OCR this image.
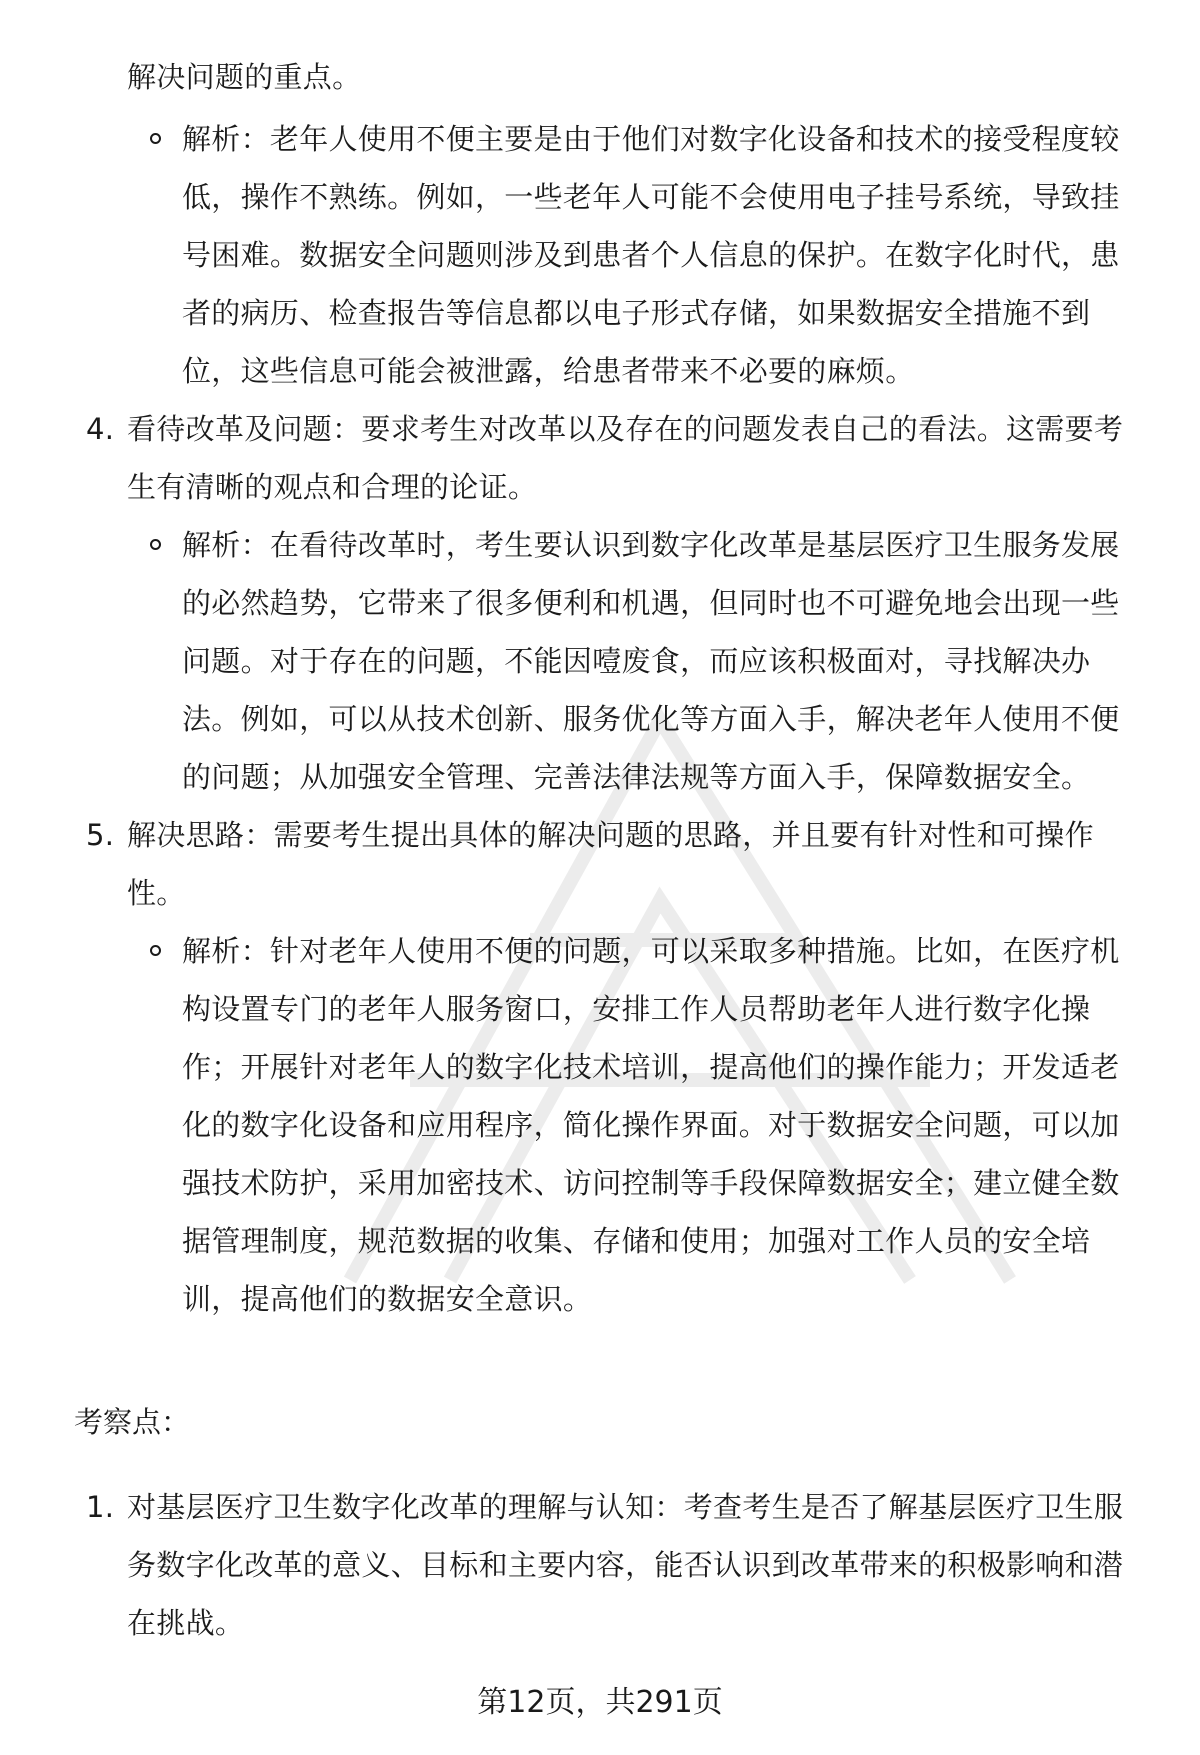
解决问题的重点。

解析：老年人使用不便主要是由于他们对数字化设备和技术的接受程度较低，操作不熟练。例如，一些老年人可能不会使用电子挂号系统，导致挂号困难。数据安全问题则涉及到患者个人信息的保护。在数字化时代，患者的病历、检查报告等信息都以电子形式存储，如果数据安全措施不到位，这些信息可能会被泄露，给患者带来不必要的麻烦。
4. 看待改革及问题：要求考生对改革以及存在的问题发表自己的看法。这需要考生有清晰的观点和合理的论证。
解析：在看待改革时，考生要认识到数字化改革是基层医疗卫生服务发展的必然趋势，它带来了很多便利和机遇，但同时也不可避免地会出现一些问题。对于存在的问题，不能因噎废食，而应该积极面对，寻找解决办法。例如，可以从技术创新、服务优化等方面入手，解决老年人使用不便的问题；从加强安全管理、完善法律法规等方面入手，保障数据安全。
5. 解决思路：需要考生提出具体的解决问题的思路，并且要有针对性和可操作性。
解析：针对老年人使用不便的问题，可以采取多种措施。比如，在医疗机构设置专门的老年人服务窗口，安排工作人员帮助老年人进行数字化操作；开展针对老年人的数字化技术培训，提高他们的操作能力；开发适老化的数字化设备和应用程序，简化操作界面。对于数据安全问题，可以加强技术防护，采用加密技术、访问控制等手段保障数据安全；建立健全数据管理制度，规范数据的收集、存储和使用；加强对工作人员的安全培训，提高他们的数据安全意识。
考察点：
1. 对基层医疗卫生数字化改革的理解与认知：考查考生是否了解基层医疗卫生服务数字化改革的意义、目标和主要内容，能否认识到改革带来的积极影响和潜在挑战。
第12页，共291页
